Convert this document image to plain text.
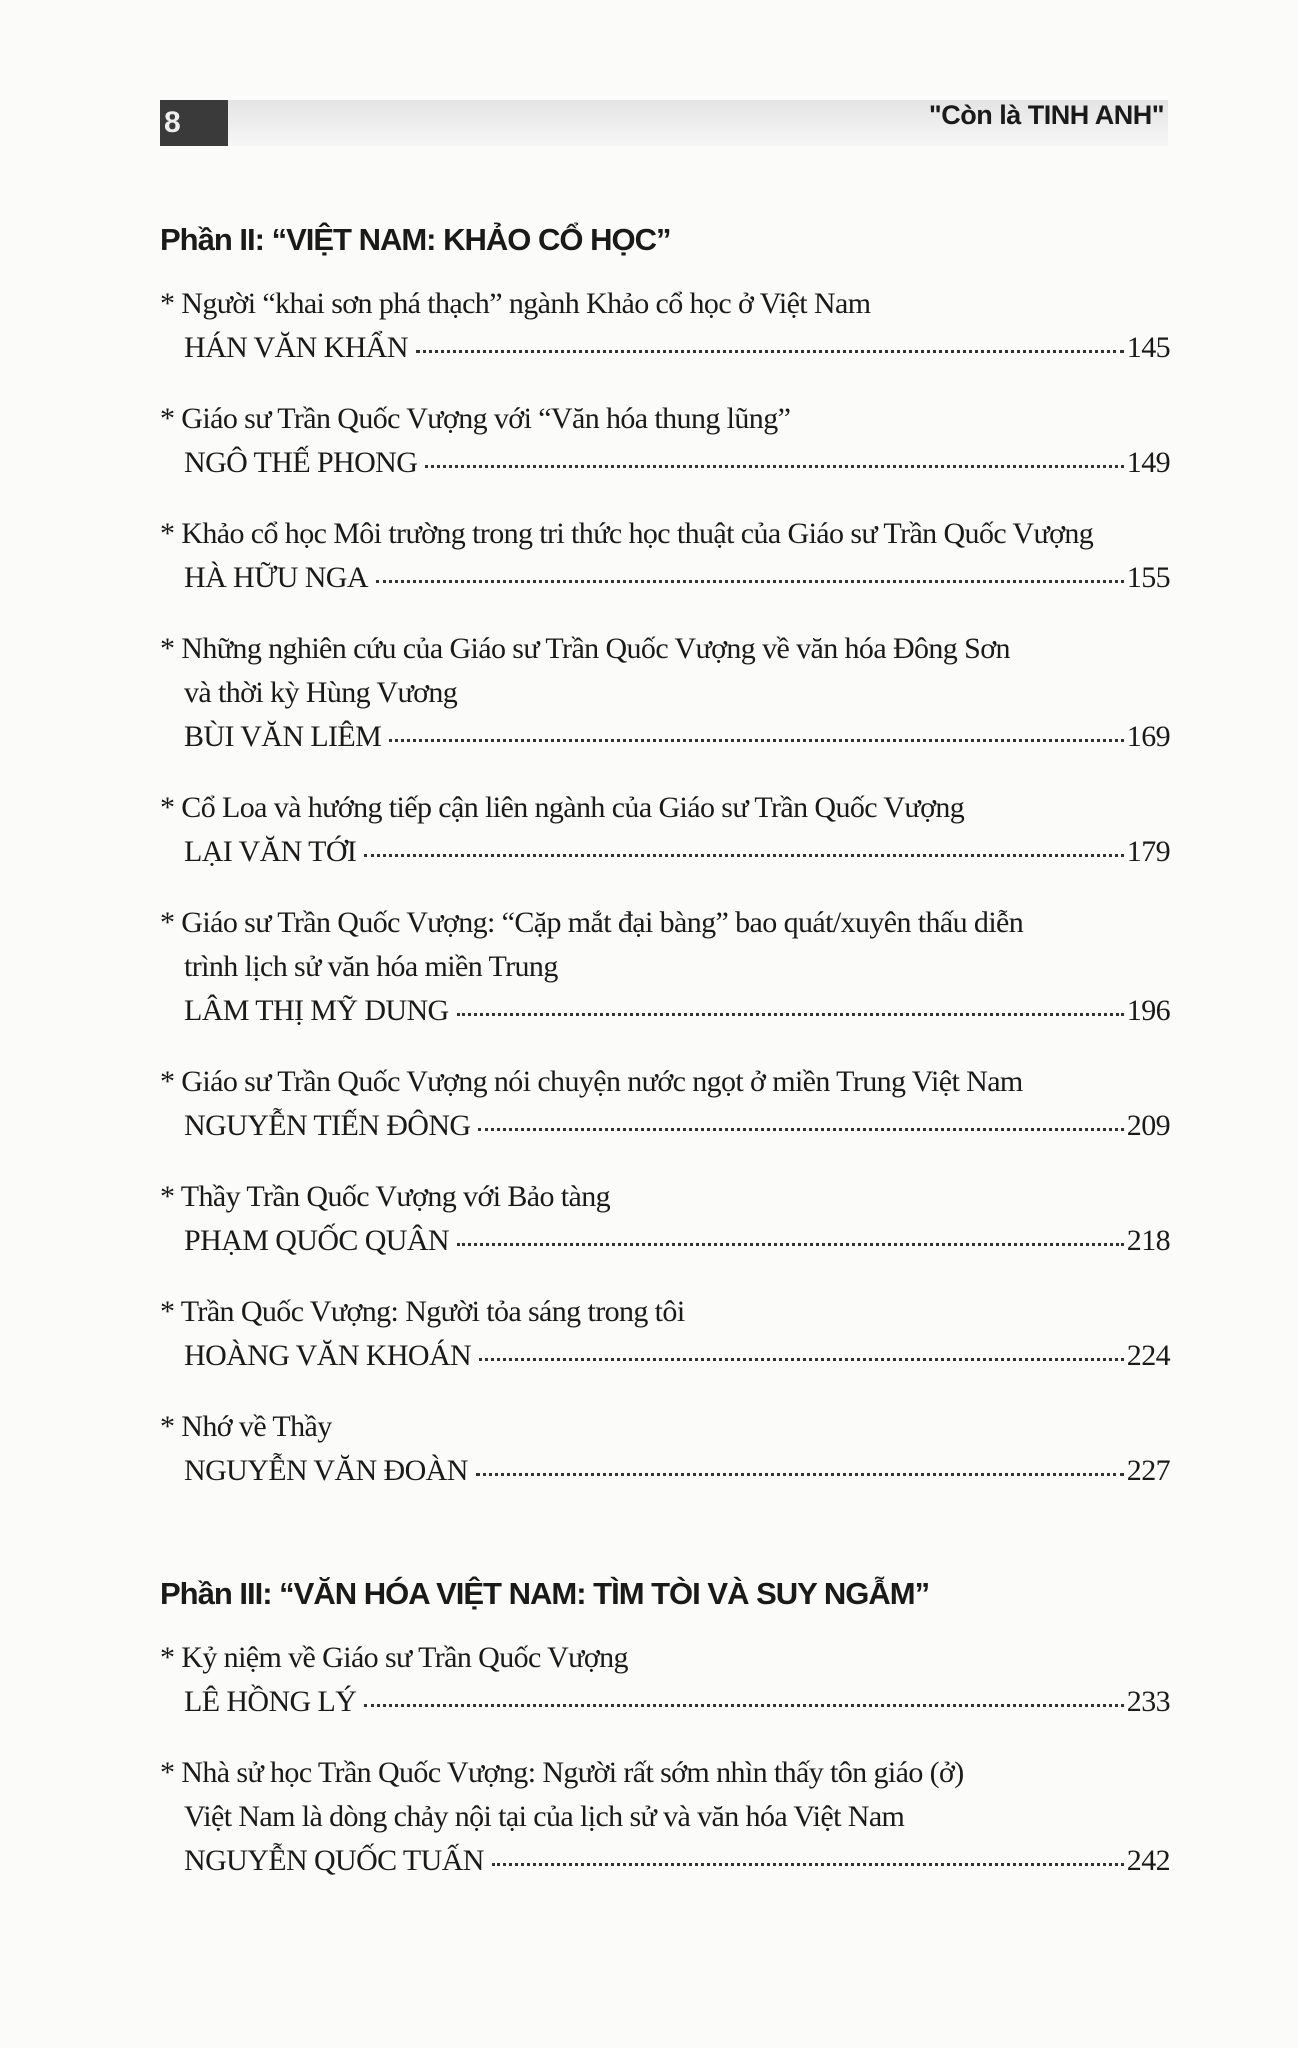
8	"Còn là TINH ANH"
Phần II: “VIỆT NAM: KHẢO CỔ HỌC”
* Người “khai sơn phá thạch” ngành Khảo cổ học ở Việt Nam
HÁN VĂN KHẨN	145
* Giáo sư Trần Quốc Vượng với “Văn hóa thung lũng”
NGÔ THẾ PHONG	149
* Khảo cổ học Môi trường trong tri thức học thuật của Giáo sư Trần Quốc Vượng
HÀ HỮU NGA	155
* Những nghiên cứu của Giáo sư Trần Quốc Vượng về văn hóa Đông Sơn
và thời kỳ Hùng Vương
BÙI VĂN LIÊM	169
* Cổ Loa và hướng tiếp cận liên ngành của Giáo sư Trần Quốc Vượng
LẠI VĂN TỚI	179
* Giáo sư Trần Quốc Vượng: “Cặp mắt đại bàng” bao quát/xuyên thấu diễn
trình lịch sử văn hóa miền Trung
LÂM THỊ MỸ DUNG	196
* Giáo sư Trần Quốc Vượng nói chuyện nước ngọt ở miền Trung Việt Nam
NGUYỄN TIẾN ĐÔNG	209
* Thầy Trần Quốc Vượng với Bảo tàng
PHẠM QUỐC QUÂN	218
* Trần Quốc Vượng: Người tỏa sáng trong tôi
HOÀNG VĂN KHOÁN	224
* Nhớ về Thầy
NGUYỄN VĂN ĐOÀN	227
Phần III: “VĂN HÓA VIỆT NAM: TÌM TÒI VÀ SUY NGẪM”
* Kỷ niệm về Giáo sư Trần Quốc Vượng
LÊ HỒNG LÝ	233
* Nhà sử học Trần Quốc Vượng: Người rất sớm nhìn thấy tôn giáo (ở)
Việt Nam là dòng chảy nội tại của lịch sử và văn hóa Việt Nam
NGUYỄN QUỐC TUẤN	242
